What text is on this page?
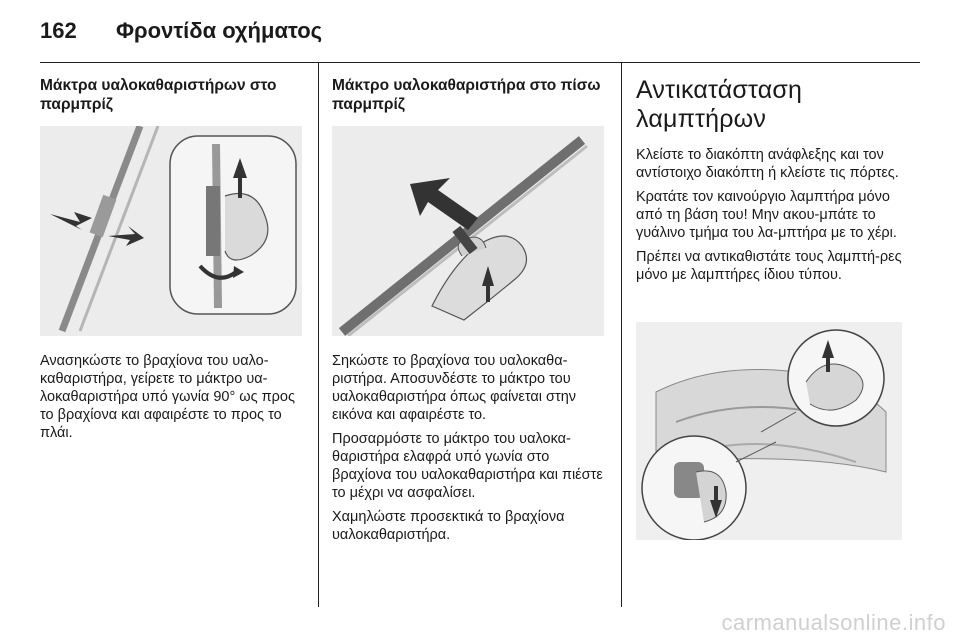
162 Φροντίδα οχήματος
Μάκτρα υαλοκαθαριστήρων στο παρμπρίζ

Ανασηκώστε το βραχίονα του υαλο-καθαριστήρα, γείρετε το μάκτρο υα-λοκαθαριστήρα υπό γωνία 90° ως προς το βραχίονα και αφαιρέστε το προς το πλάι.

Μάκτρο υαλοκαθαριστήρα στο πίσω παρμπρίζ

Σηκώστε το βραχίονα του υαλοκαθα-ριστήρα. Αποσυνδέστε το μάκτρο του υαλοκαθαριστήρα όπως φαίνεται στην εικόνα και αφαιρέστε το.

Προσαρμόστε το μάκτρο του υαλοκα-θαριστήρα ελαφρά υπό γωνία στο βραχίονα του υαλοκαθαριστήρα και πιέστε το μέχρι να ασφαλίσει.

Χαμηλώστε προσεκτικά το βραχίονα υαλοκαθαριστήρα.

Αντικατάσταση λαμπτήρων

Κλείστε το διακόπτη ανάφλεξης και τον αντίστοιχο διακόπτη ή κλείστε τις πόρτες.

Κρατάτε τον καινούργιο λαμπτήρα μόνο από τη βάση του! Μην ακου-μπάτε το γυάλινο τμήμα του λα-μπτήρα με το χέρι.

Πρέπει να αντικαθιστάτε τους λαμπτή-ρες μόνο με λαμπτήρες ίδιου τύπου.

carmanualsonline.info
